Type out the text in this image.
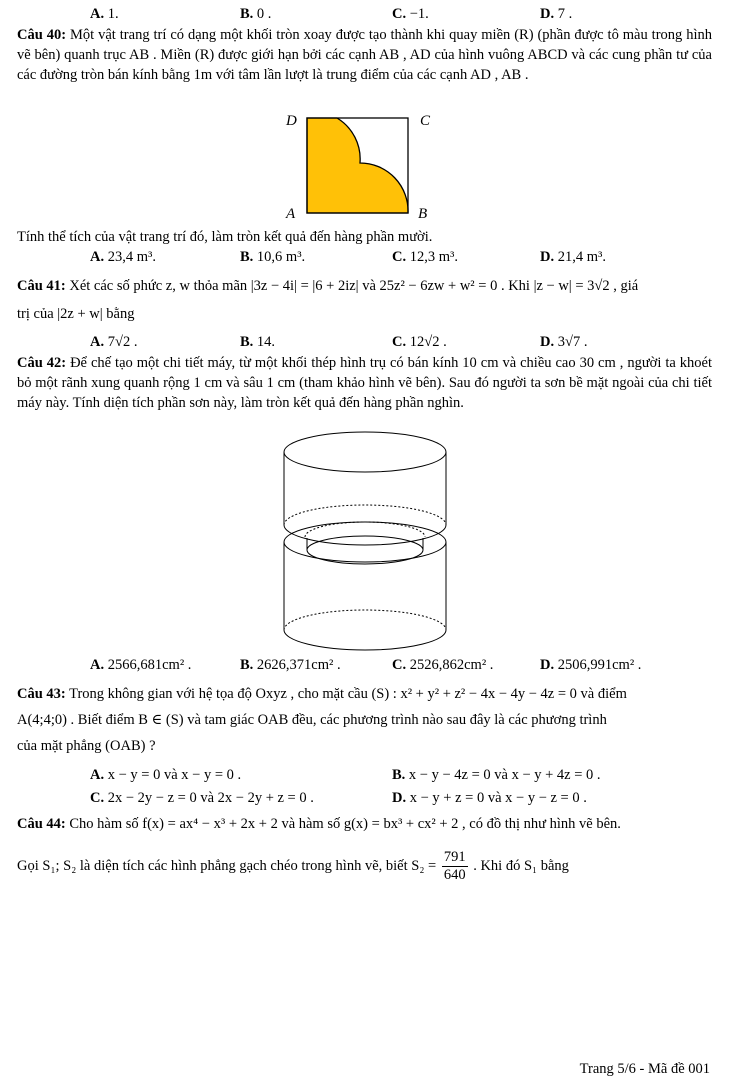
A. 1.	B. 0 .	C. −1.	D. 7 .
Câu 40: Một vật trang trí có dạng một khối tròn xoay được tạo thành khi quay miền (R) (phần được tô màu trong hình vẽ bên) quanh trục AB . Miền (R) được giới hạn bởi các cạnh AB , AD của hình vuông ABCD và các cung phần tư của các đường tròn bán kính bằng 1m với tâm lần lượt là trung điểm của các cạnh AD , AB .
D	C
A	B
Tính thể tích của vật trang trí đó, làm tròn kết quả đến hàng phần mười.
A. 23,4 m³.	B. 10,6 m³.	C. 12,3 m³.	D. 21,4 m³.
Câu 41: Xét các số phức z, w thỏa mãn |3z − 4i| = |6 + 2iz| và 25z² − 6zw + w² = 0 . Khi |z − w| = 3√2 , giá
trị của |2z + w| bằng
A. 7√2 .	B. 14.	C. 12√2 .	D. 3√7 .
Câu 42: Để chế tạo một chi tiết máy, từ một khối thép hình trụ có bán kính 10 cm và chiều cao 30 cm , người ta khoét bỏ một rãnh xung quanh rộng 1 cm và sâu 1 cm (tham khảo hình vẽ bên). Sau đó người ta sơn bề mặt ngoài của chi tiết máy này. Tính diện tích phần sơn này, làm tròn kết quả đến hàng phần nghìn.
A. 2566,681cm² .	B. 2626,371cm² .	C. 2526,862cm² .	D. 2506,991cm² .
Câu 43: Trong không gian với hệ tọa độ Oxyz , cho mặt cầu (S) : x² + y² + z² − 4x − 4y − 4z = 0 và điểm
A(4;4;0) . Biết điểm B ∈ (S) và tam giác OAB đều, các phương trình nào sau đây là các phương trình
của mặt phẳng (OAB) ?
A. x − y = 0 và x − y = 0 .	B. x − y − 4z = 0 và x − y + 4z = 0 .
C. 2x − 2y − z = 0 và 2x − 2y + z = 0 .	D. x − y + z = 0 và x − y − z = 0 .
Câu 44: Cho hàm số f(x) = ax⁴ − x³ + 2x + 2 và hàm số g(x) = bx³ + cx² + 2 , có đồ thị như hình vẽ bên.
Gọi S₁; S₂ là diện tích các hình phẳng gạch chéo trong hình vẽ, biết $S_2 = \frac{791}{640}$ . Khi đó S₁ bằng
Trang 5/6 - Mã đề 001
